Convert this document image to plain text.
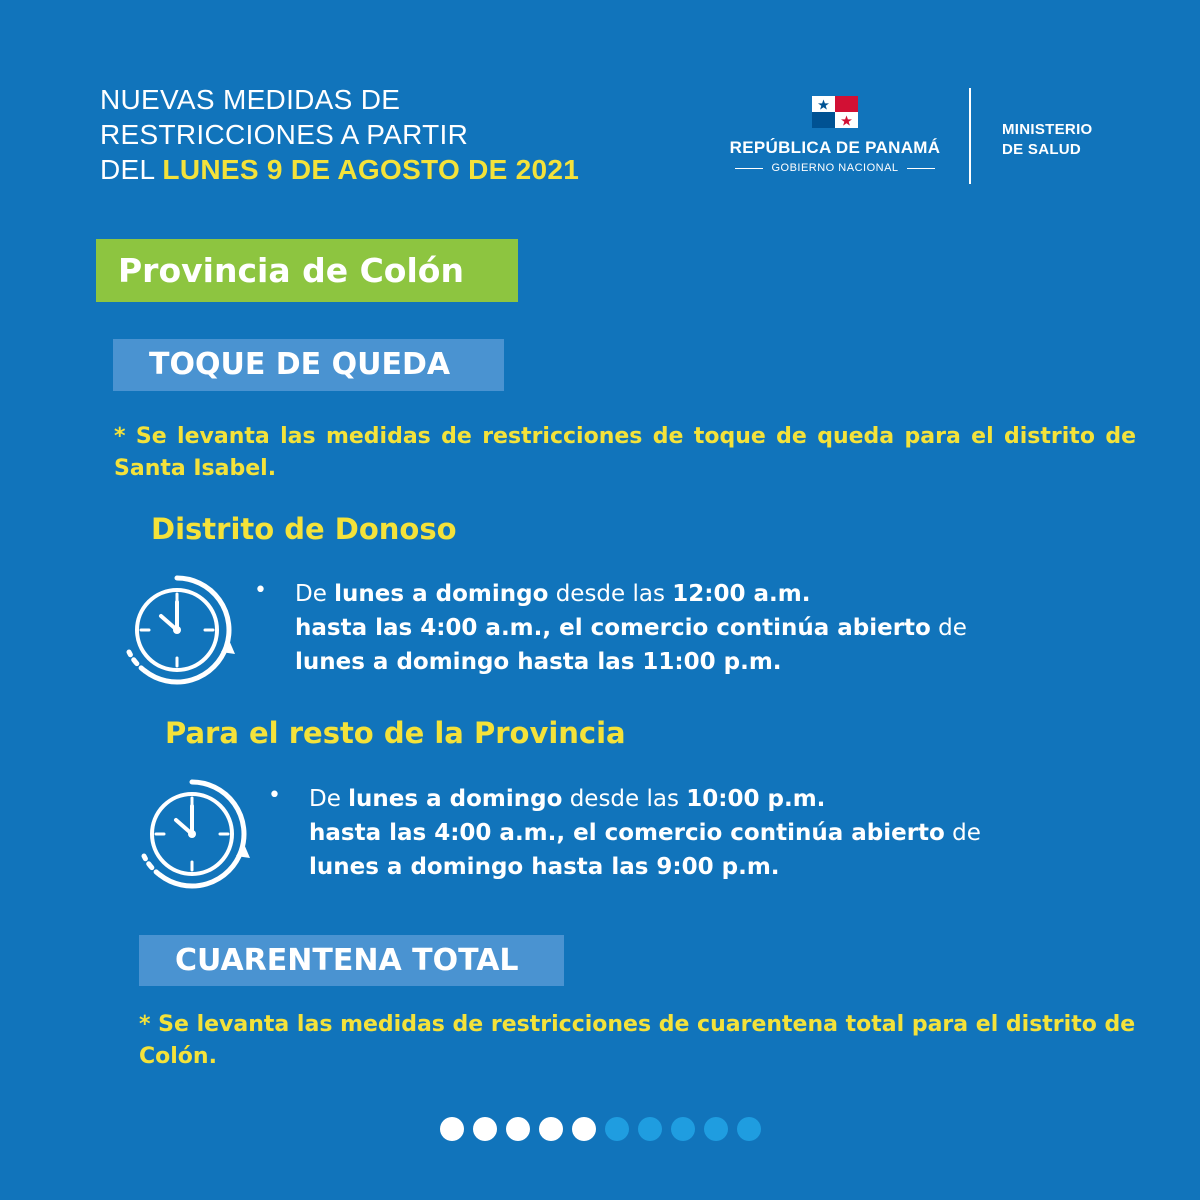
NUEVAS MEDIDAS DE
RESTRICCIONES A PARTIR
DEL LUNES 9 DE AGOSTO DE 2021
REPÚBLICA DE PANAMÁ
GOBIERNO NACIONAL
MINISTERIO
DE SALUD
Provincia de Colón
TOQUE DE QUEDA
* Se levanta las medidas de restricciones de toque de queda para el distrito de Santa Isabel.
Distrito de Donoso
• De lunes a domingo desde las 12:00 a.m.
hasta las 4:00 a.m., el comercio continúa abierto de
lunes a domingo hasta las 11:00 p.m.
Para el resto de la Provincia
• De lunes a domingo desde las 10:00 p.m.
hasta las 4:00 a.m., el comercio continúa abierto de
lunes a domingo hasta las 9:00 p.m.
CUARENTENA TOTAL
* Se levanta las medidas de restricciones de cuarentena total para el distrito de Colón.
